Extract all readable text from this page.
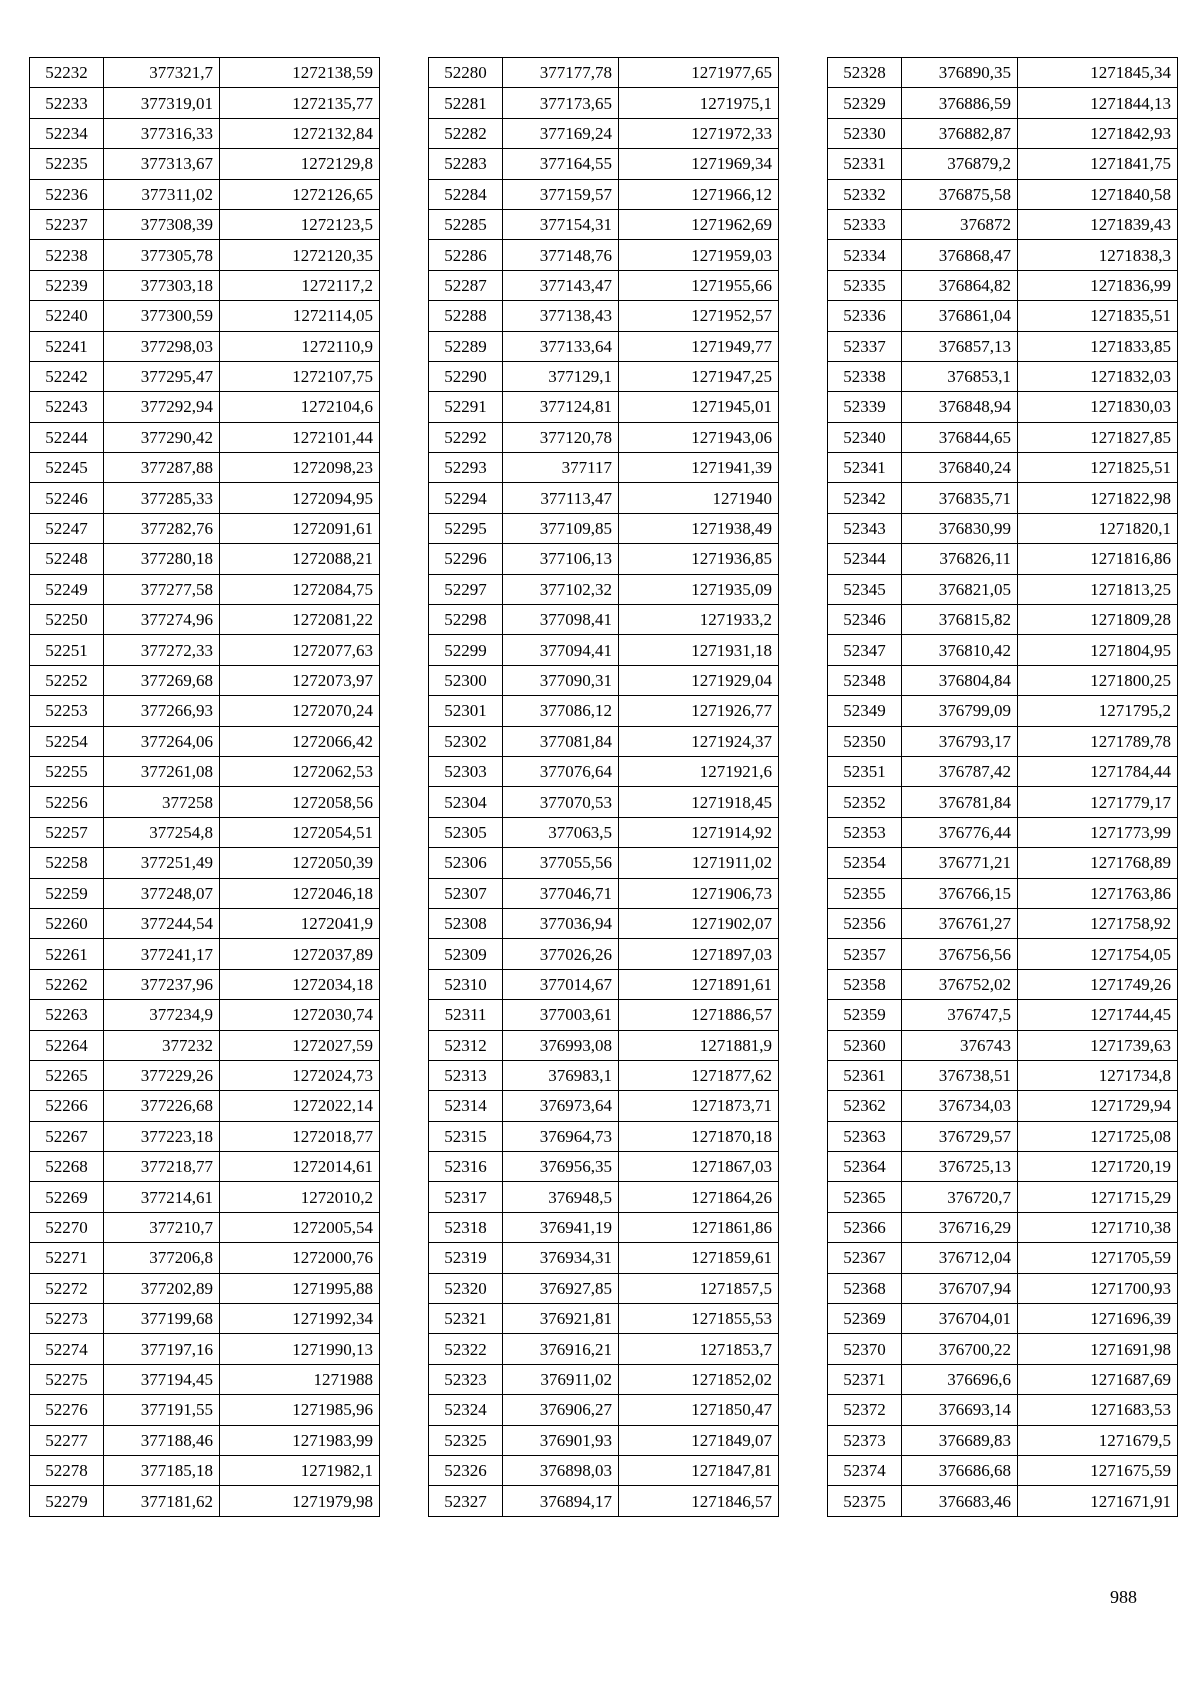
52232	377321,7	1272138,59
52233	377319,01	1272135,77
52234	377316,33	1272132,84
52235	377313,67	1272129,8
52236	377311,02	1272126,65
52237	377308,39	1272123,5
52238	377305,78	1272120,35
52239	377303,18	1272117,2
52240	377300,59	1272114,05
52241	377298,03	1272110,9
52242	377295,47	1272107,75
52243	377292,94	1272104,6
52244	377290,42	1272101,44
52245	377287,88	1272098,23
52246	377285,33	1272094,95
52247	377282,76	1272091,61
52248	377280,18	1272088,21
52249	377277,58	1272084,75
52250	377274,96	1272081,22
52251	377272,33	1272077,63
52252	377269,68	1272073,97
52253	377266,93	1272070,24
52254	377264,06	1272066,42
52255	377261,08	1272062,53
52256	377258	1272058,56
52257	377254,8	1272054,51
52258	377251,49	1272050,39
52259	377248,07	1272046,18
52260	377244,54	1272041,9
52261	377241,17	1272037,89
52262	377237,96	1272034,18
52263	377234,9	1272030,74
52264	377232	1272027,59
52265	377229,26	1272024,73
52266	377226,68	1272022,14
52267	377223,18	1272018,77
52268	377218,77	1272014,61
52269	377214,61	1272010,2
52270	377210,7	1272005,54
52271	377206,8	1272000,76
52272	377202,89	1271995,88
52273	377199,68	1271992,34
52274	377197,16	1271990,13
52275	377194,45	1271988
52276	377191,55	1271985,96
52277	377188,46	1271983,99
52278	377185,18	1271982,1
52279	377181,62	1271979,98
52280	377177,78	1271977,65
52281	377173,65	1271975,1
52282	377169,24	1271972,33
52283	377164,55	1271969,34
52284	377159,57	1271966,12
52285	377154,31	1271962,69
52286	377148,76	1271959,03
52287	377143,47	1271955,66
52288	377138,43	1271952,57
52289	377133,64	1271949,77
52290	377129,1	1271947,25
52291	377124,81	1271945,01
52292	377120,78	1271943,06
52293	377117	1271941,39
52294	377113,47	1271940
52295	377109,85	1271938,49
52296	377106,13	1271936,85
52297	377102,32	1271935,09
52298	377098,41	1271933,2
52299	377094,41	1271931,18
52300	377090,31	1271929,04
52301	377086,12	1271926,77
52302	377081,84	1271924,37
52303	377076,64	1271921,6
52304	377070,53	1271918,45
52305	377063,5	1271914,92
52306	377055,56	1271911,02
52307	377046,71	1271906,73
52308	377036,94	1271902,07
52309	377026,26	1271897,03
52310	377014,67	1271891,61
52311	377003,61	1271886,57
52312	376993,08	1271881,9
52313	376983,1	1271877,62
52314	376973,64	1271873,71
52315	376964,73	1271870,18
52316	376956,35	1271867,03
52317	376948,5	1271864,26
52318	376941,19	1271861,86
52319	376934,31	1271859,61
52320	376927,85	1271857,5
52321	376921,81	1271855,53
52322	376916,21	1271853,7
52323	376911,02	1271852,02
52324	376906,27	1271850,47
52325	376901,93	1271849,07
52326	376898,03	1271847,81
52327	376894,17	1271846,57
52328	376890,35	1271845,34
52329	376886,59	1271844,13
52330	376882,87	1271842,93
52331	376879,2	1271841,75
52332	376875,58	1271840,58
52333	376872	1271839,43
52334	376868,47	1271838,3
52335	376864,82	1271836,99
52336	376861,04	1271835,51
52337	376857,13	1271833,85
52338	376853,1	1271832,03
52339	376848,94	1271830,03
52340	376844,65	1271827,85
52341	376840,24	1271825,51
52342	376835,71	1271822,98
52343	376830,99	1271820,1
52344	376826,11	1271816,86
52345	376821,05	1271813,25
52346	376815,82	1271809,28
52347	376810,42	1271804,95
52348	376804,84	1271800,25
52349	376799,09	1271795,2
52350	376793,17	1271789,78
52351	376787,42	1271784,44
52352	376781,84	1271779,17
52353	376776,44	1271773,99
52354	376771,21	1271768,89
52355	376766,15	1271763,86
52356	376761,27	1271758,92
52357	376756,56	1271754,05
52358	376752,02	1271749,26
52359	376747,5	1271744,45
52360	376743	1271739,63
52361	376738,51	1271734,8
52362	376734,03	1271729,94
52363	376729,57	1271725,08
52364	376725,13	1271720,19
52365	376720,7	1271715,29
52366	376716,29	1271710,38
52367	376712,04	1271705,59
52368	376707,94	1271700,93
52369	376704,01	1271696,39
52370	376700,22	1271691,98
52371	376696,6	1271687,69
52372	376693,14	1271683,53
52373	376689,83	1271679,5
52374	376686,68	1271675,59
52375	376683,46	1271671,91
988
